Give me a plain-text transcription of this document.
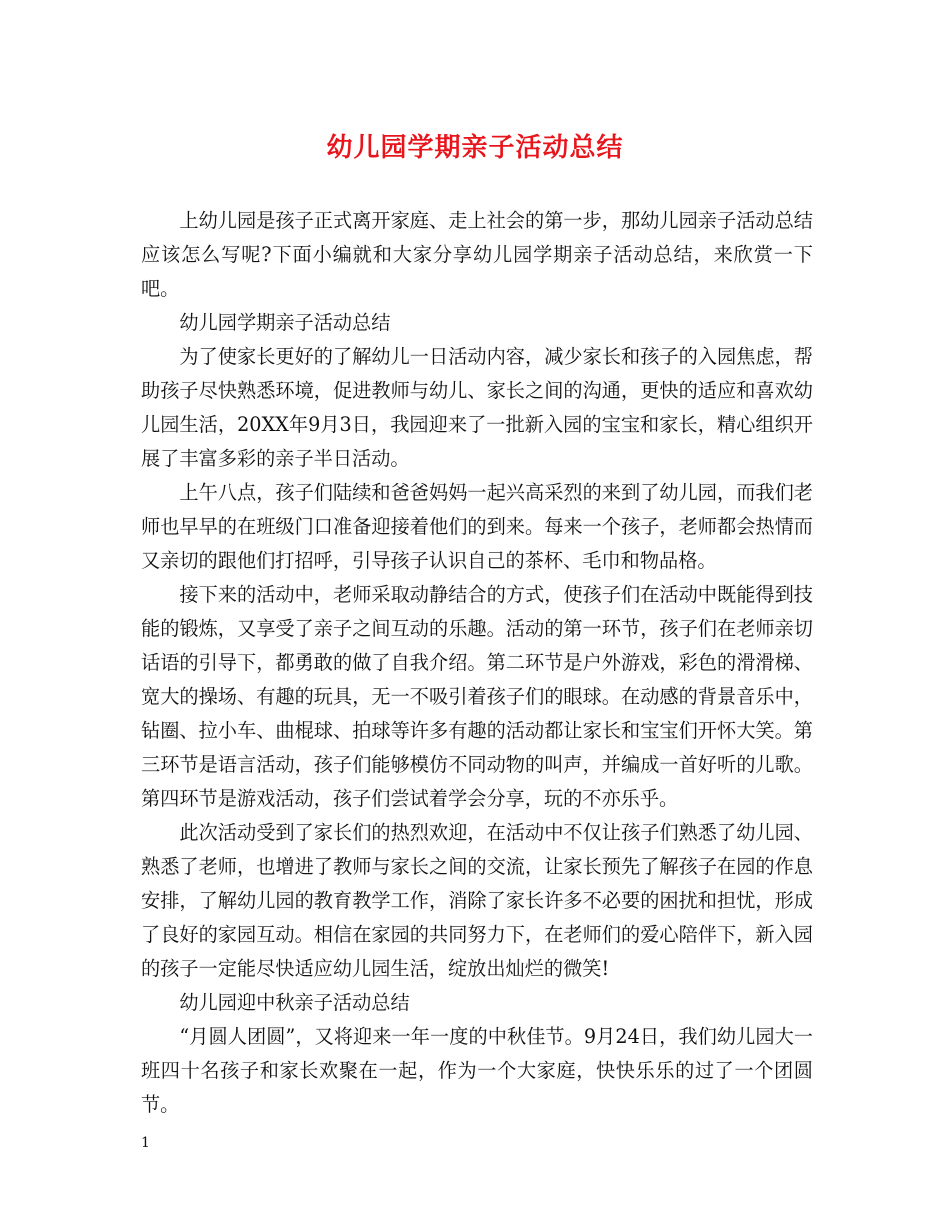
幼儿园学期亲子活动总结

上幼儿园是孩子正式离开家庭、走上社会的第一步，那幼儿园亲子活动总结应该怎么写呢?下面小编就和大家分享幼儿园学期亲子活动总结，来欣赏一下吧。

幼儿园学期亲子活动总结

为了使家长更好的了解幼儿一日活动内容，减少家长和孩子的入园焦虑，帮助孩子尽快熟悉环境，促进教师与幼儿、家长之间的沟通，更快的适应和喜欢幼儿园生活，20XX年9月3日，我园迎来了一批新入园的宝宝和家长，精心组织开展了丰富多彩的亲子半日活动。

上午八点，孩子们陆续和爸爸妈妈一起兴高采烈的来到了幼儿园，而我们老师也早早的在班级门口准备迎接着他们的到来。每来一个孩子，老师都会热情而又亲切的跟他们打招呼，引导孩子认识自己的茶杯、毛巾和物品格。

接下来的活动中，老师采取动静结合的方式，使孩子们在活动中既能得到技能的锻炼，又享受了亲子之间互动的乐趣。活动的第一环节，孩子们在老师亲切话语的引导下，都勇敢的做了自我介绍。第二环节是户外游戏，彩色的滑滑梯、宽大的操场、有趣的玩具，无一不吸引着孩子们的眼球。在动感的背景音乐中，钻圈、拉小车、曲棍球、拍球等许多有趣的活动都让家长和宝宝们开怀大笑。第三环节是语言活动，孩子们能够模仿不同动物的叫声，并编成一首好听的儿歌。第四环节是游戏活动，孩子们尝试着学会分享，玩的不亦乐乎。

此次活动受到了家长们的热烈欢迎，在活动中不仅让孩子们熟悉了幼儿园、熟悉了老师，也增进了教师与家长之间的交流，让家长预先了解孩子在园的作息安排，了解幼儿园的教育教学工作，消除了家长许多不必要的困扰和担忧，形成了良好的家园互动。相信在家园的共同努力下，在老师们的爱心陪伴下，新入园的孩子一定能尽快适应幼儿园生活，绽放出灿烂的微笑!

幼儿园迎中秋亲子活动总结

“月圆人团圆”，又将迎来一年一度的中秋佳节。9月24日，我们幼儿园大一班四十名孩子和家长欢聚在一起，作为一个大家庭，快快乐乐的过了一个团圆节。

1
